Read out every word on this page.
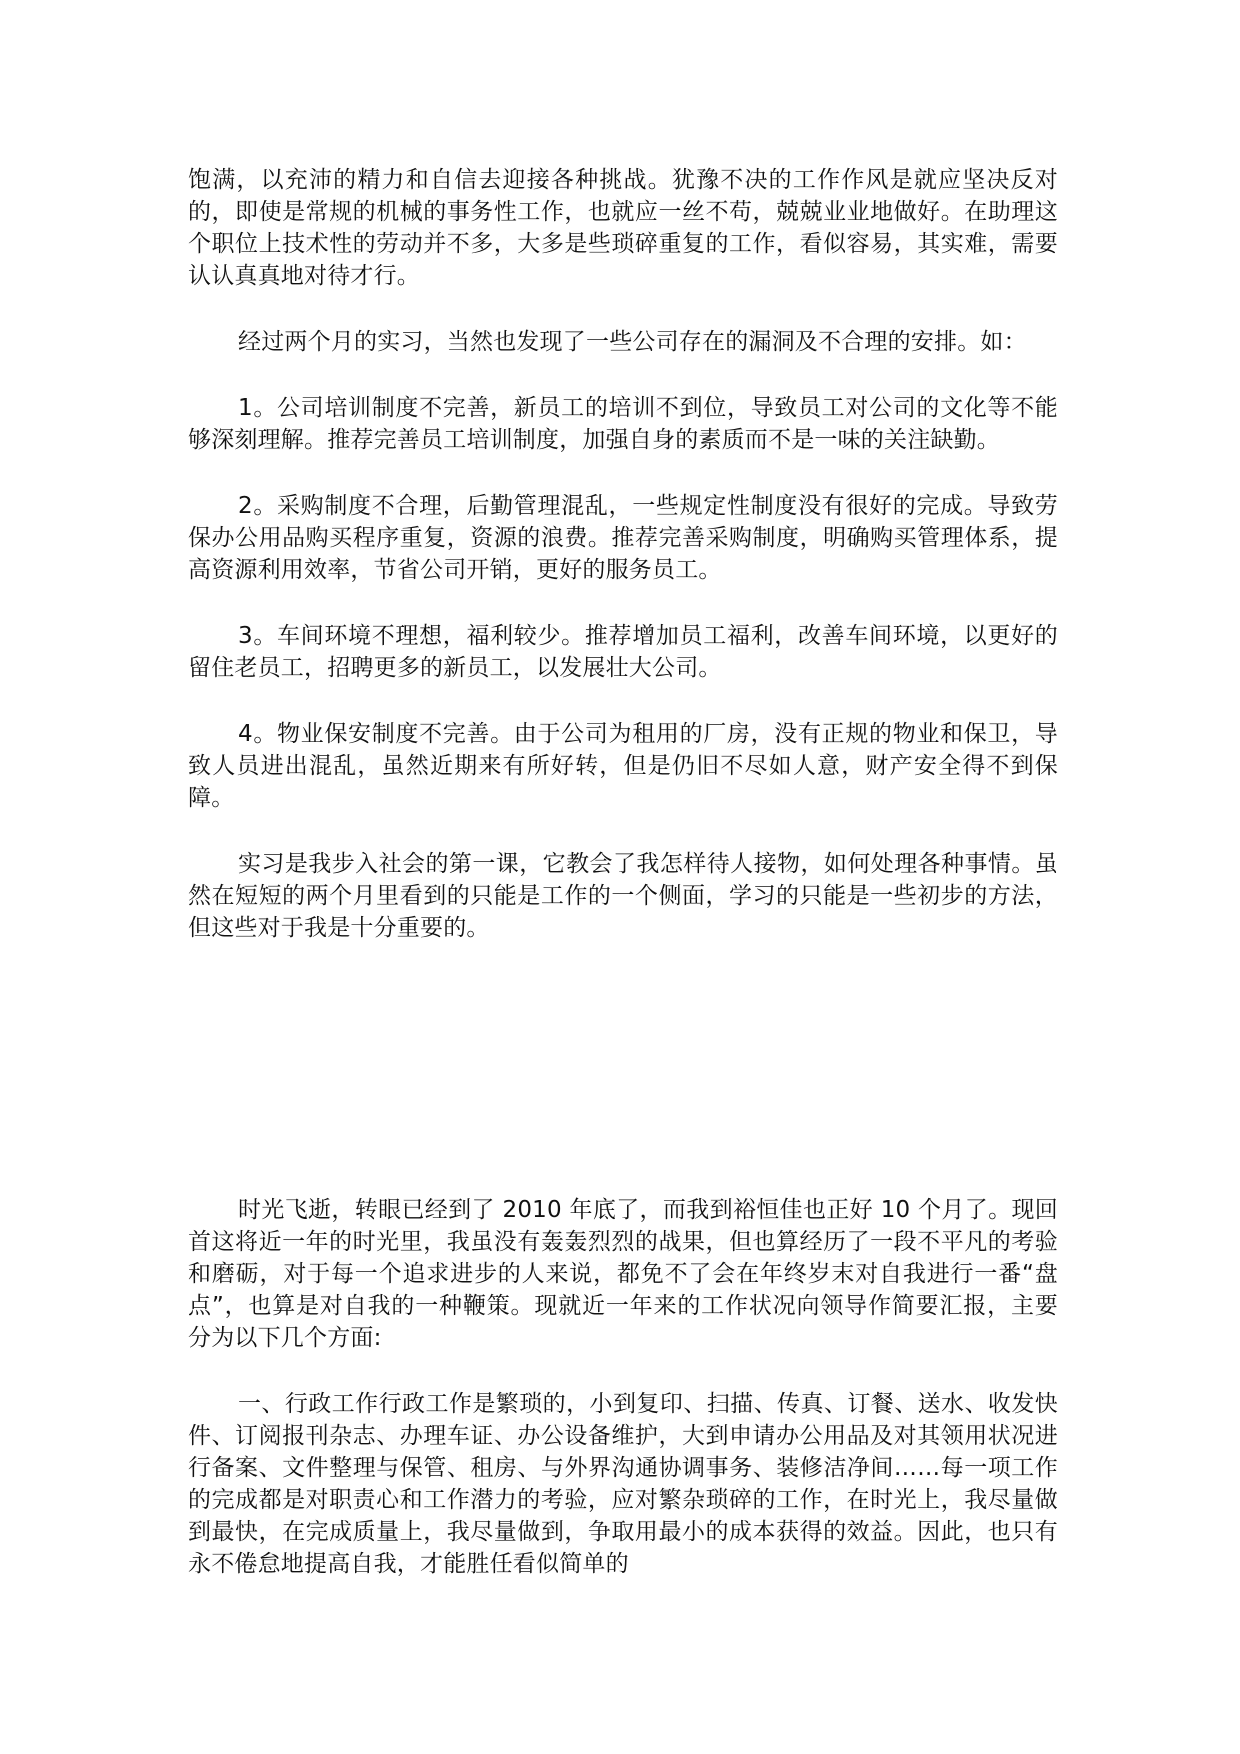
饱满，以充沛的精力和自信去迎接各种挑战。犹豫不决的工作作风是就应坚决反对的，即使是常规的机械的事务性工作，也就应一丝不苟，兢兢业业地做好。在助理这个职位上技术性的劳动并不多，大多是些琐碎重复的工作，看似容易，其实难，需要认认真真地对待才行。

经过两个月的实习，当然也发现了一些公司存在的漏洞及不合理的安排。如：

1。公司培训制度不完善，新员工的培训不到位，导致员工对公司的文化等不能够深刻理解。推荐完善员工培训制度，加强自身的素质而不是一味的关注缺勤。

2。采购制度不合理，后勤管理混乱，一些规定性制度没有很好的完成。导致劳保办公用品购买程序重复，资源的浪费。推荐完善采购制度，明确购买管理体系，提高资源利用效率，节省公司开销，更好的服务员工。

3。车间环境不理想，福利较少。推荐增加员工福利，改善车间环境，以更好的留住老员工，招聘更多的新员工，以发展壮大公司。

4。物业保安制度不完善。由于公司为租用的厂房，没有正规的物业和保卫，导致人员进出混乱，虽然近期来有所好转，但是仍旧不尽如人意，财产安全得不到保障。

实习是我步入社会的第一课，它教会了我怎样待人接物，如何处理各种事情。虽然在短短的两个月里看到的只能是工作的一个侧面，学习的只能是一些初步的方法，但这些对于我是十分重要的。

时光飞逝，转眼已经到了 2010 年底了，而我到裕恒佳也正好 10 个月了。现回首这将近一年的时光里，我虽没有轰轰烈烈的战果，但也算经历了一段不平凡的考验和磨砺，对于每一个追求进步的人来说，都免不了会在年终岁末对自我进行一番“盘点”，也算是对自我的一种鞭策。现就近一年来的工作状况向领导作简要汇报，主要分为以下几个方面:

一、行政工作行政工作是繁琐的，小到复印、扫描、传真、订餐、送水、收发快件、订阅报刊杂志、办理车证、办公设备维护，大到申请办公用品及对其领用状况进行备案、文件整理与保管、租房、与外界沟通协调事务、装修洁净间……每一项工作的完成都是对职责心和工作潜力的考验，应对繁杂琐碎的工作，在时光上，我尽量做到最快，在完成质量上，我尽量做到，争取用最小的成本获得的效益。因此，也只有永不倦怠地提高自我，才能胜任看似简单的
